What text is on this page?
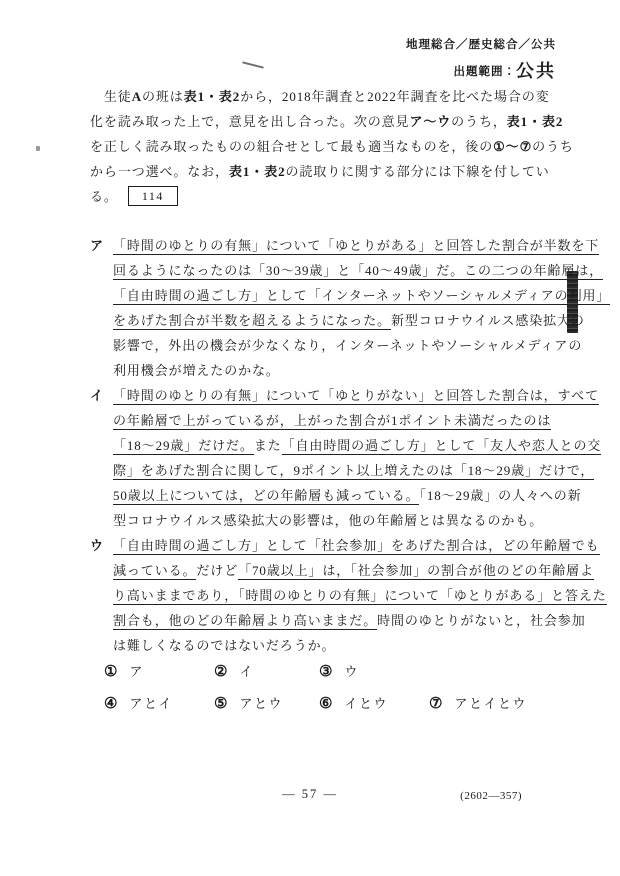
地理総合／歴史総合／公共
出題範囲：公共
　生徒Aの班は表1・表2から，2018年調査と2022年調査を比べた場合の変
化を読み取った上で，意見を出し合った。次の意見ア～ウのうち，表1・表2
を正しく読み取ったものの組合せとして最も適当なものを，後の①～⑦のうち
から一つ選べ。なお，表1・表2の読取りに関する部分には下線を付してい
る。 114
ア 「時間のゆとりの有無」について「ゆとりがある」と回答した割合が半数を下
回るようになったのは「30～39歳」と「40～49歳」だ。この二つの年齢層は，
「自由時間の過ごし方」として「インターネットやソーシャルメディアの利用」
をあげた割合が半数を超えるようになった。新型コロナウイルス感染拡大の
影響で，外出の機会が少なくなり，インターネットやソーシャルメディアの
利用機会が増えたのかな。
イ 「時間のゆとりの有無」について「ゆとりがない」と回答した割合は，すべて
の年齢層で上がっているが，上がった割合が1ポイント未満だったのは
「18～29歳」だけだ。また「自由時間の過ごし方」として「友人や恋人との交
際」をあげた割合に関して，9ポイント以上増えたのは「18～29歳」だけで，
50歳以上については，どの年齢層も減っている。「18～29歳」の人々への新
型コロナウイルス感染拡大の影響は，他の年齢層とは異なるのかも。
ウ 「自由時間の過ごし方」として「社会参加」をあげた割合は，どの年齢層でも
減っている。だけど「70歳以上」は，「社会参加」の割合が他のどの年齢層よ
り高いままであり，「時間のゆとりの有無」について「ゆとりがある」と答えた
割合も，他のどの年齢層より高いままだ。時間のゆとりがないと，社会参加
は難しくなるのではないだろうか。
① ア	② イ	③ ウ
④ アとイ	⑤ アとウ ⑥ イとウ	⑦ アとイとウ
— 57 —	(2602—357)
